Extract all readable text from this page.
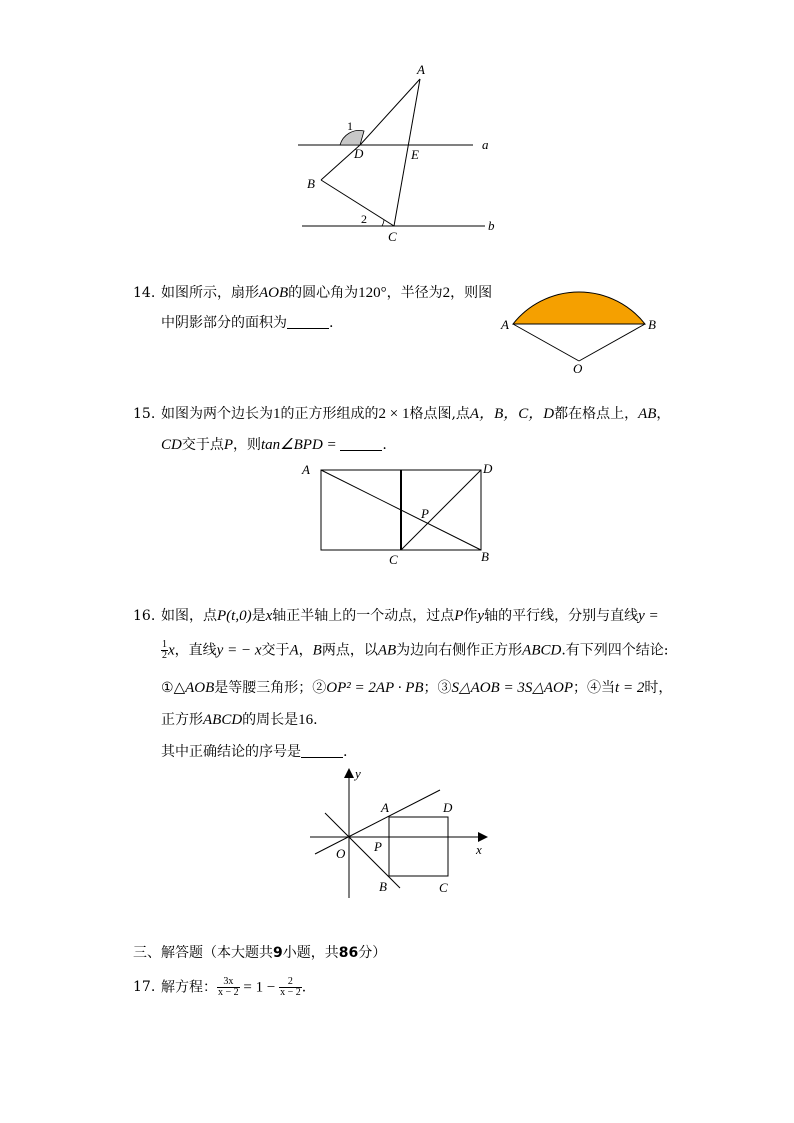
A
a
1
D	E
B
2
C
b
14. 如图所示，扇形AOB的圆心角为120°，半径为2，则图
中阴影部分的面积为	.	A	B
O
15. 如图为两个边长为1的正方形组成的2 × 1格点图,点A，B，C，D都在格点上，AB，
CD交于点P，则tan∠BPD =	.
A	D
P
C	B
16. 如图，点P(t,0)是x轴正半轴上的一个动点，过点P作y轴的平行线，分别与直线y =
$\frac{1}{2}$ x，直线y = − x交于A，B两点，以AB为边向右侧作正方形ABCD.有下列四个结论:
①△AOB是等腰三角形；②OP² = 2AP · PB；③S△AOB = 3S△AOP；④当t = 2时，
正方形ABCD的周长是16.
其中正确结论的序号是	.
y
A	D
O P	x
B	C
三、解答题（本大题共9小题，共86分）
17. 解方程： $\frac{3x}{x - 2} = 1 - \frac{2}{x - 2}$ .
